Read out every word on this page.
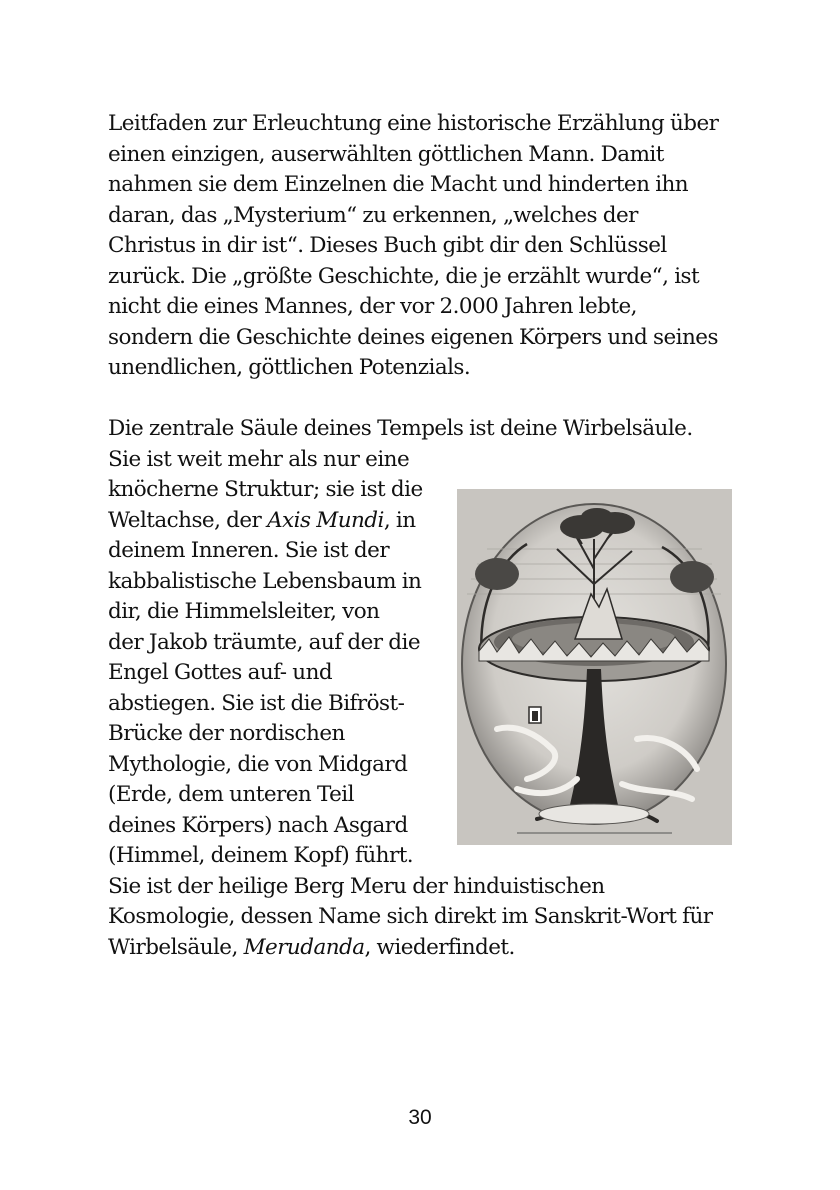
Leitfaden zur Erleuchtung eine historische Erzählung über
einen einzigen, auserwählten göttlichen Mann. Damit
nahmen sie dem Einzelnen die Macht und hinderten ihn
daran, das „Mysterium“ zu erkennen, „welches der
Christus in dir ist“. Dieses Buch gibt dir den Schlüssel
zurück. Die „größte Geschichte, die je erzählt wurde“, ist
nicht die eines Mannes, der vor 2.000 Jahren lebte,
sondern die Geschichte deines eigenen Körpers und seines
unendlichen, göttlichen Potenzials.
Die zentrale Säule deines Tempels ist deine Wirbelsäule.
Sie ist weit mehr als nur eine
knöcherne Struktur; sie ist die
Weltachse, der Axis Mundi, in
deinem Inneren. Sie ist der
kabbalistische Lebensbaum in
dir, die Himmelsleiter, von
der Jakob träumte, auf der die
Engel Gottes auf- und
abstiegen. Sie ist die Bifröst-
Brücke der nordischen
Mythologie, die von Midgard
(Erde, dem unteren Teil
deines Körpers) nach Asgard
(Himmel, deinem Kopf) führt.
Sie ist der heilige Berg Meru der hinduistischen
Kosmologie, dessen Name sich direkt im Sanskrit-Wort für
Wirbelsäule, Merudanda, wiederfindet.
30
